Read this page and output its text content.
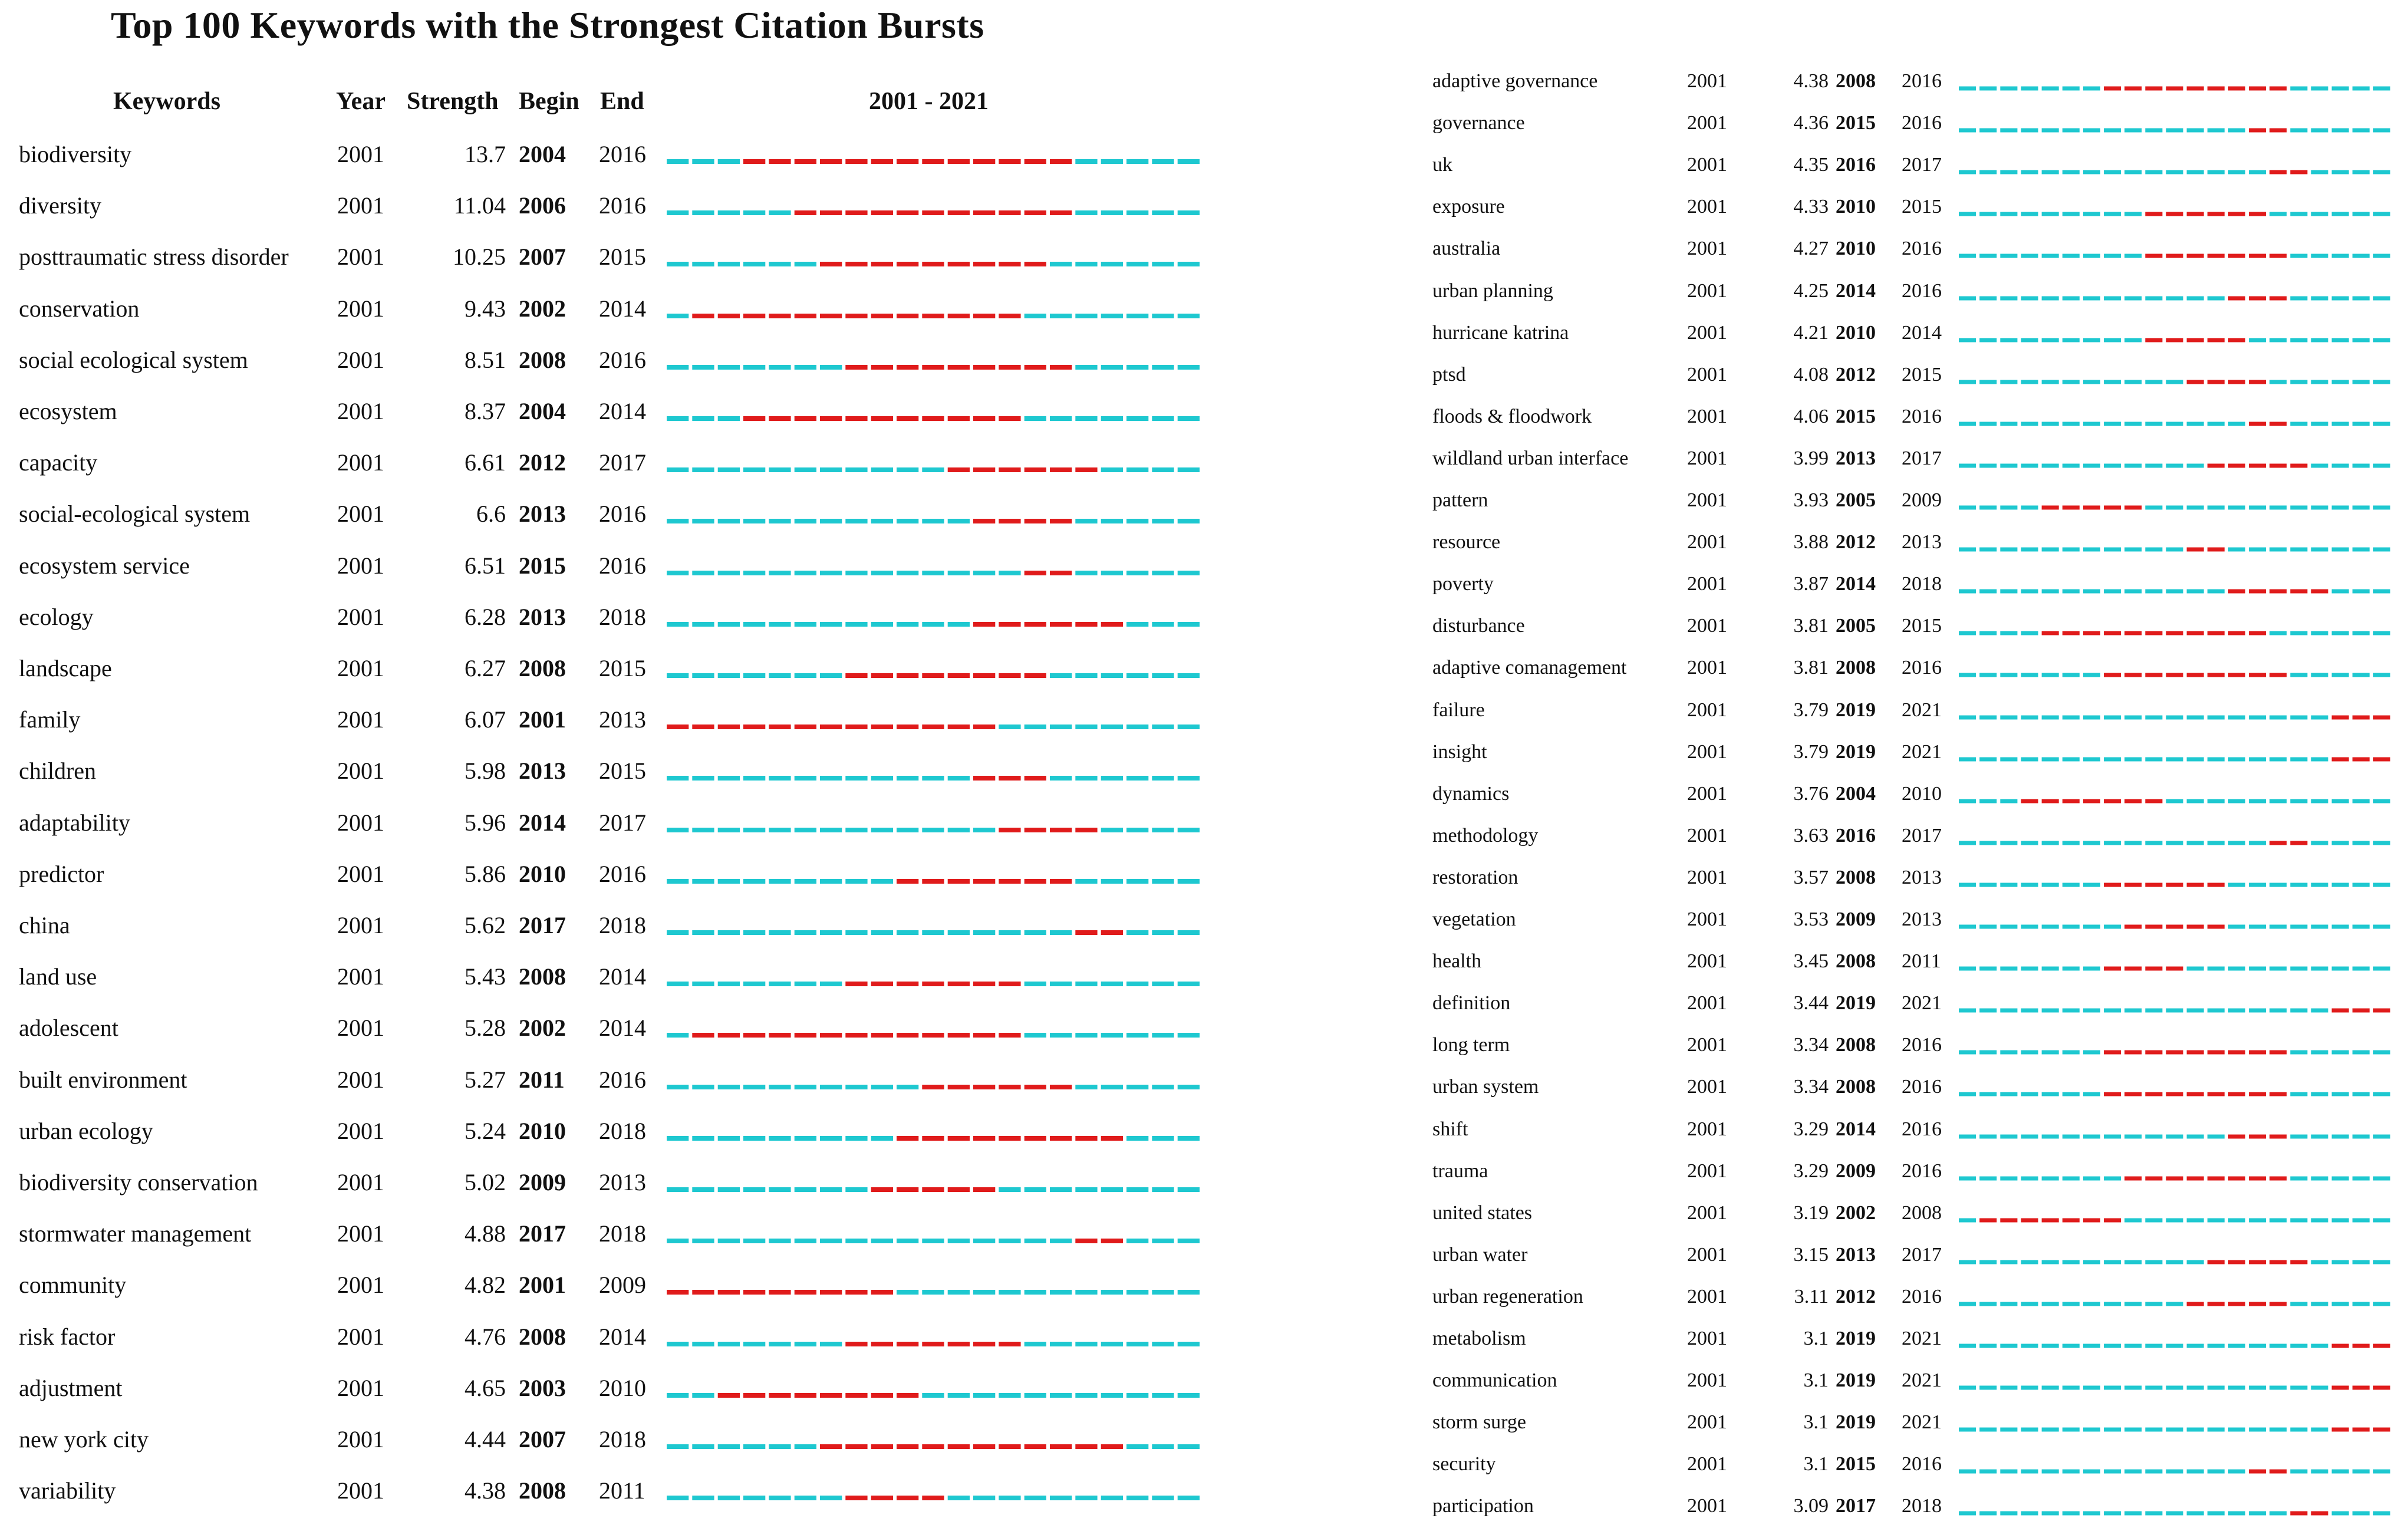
Top 100 Keywords with the Strongest Citation Bursts
Keywords	Year Strength Begin End	2001 - 2021
biodiversity	2001	13.7 2004 2016
diversity	2001	11.04 2006 2016
posttraumatic stress disorder 2001	10.25 2007 2015
conservation	2001	9.43 2002 2014
social ecological system	2001	8.51 2008 2016
ecosystem	2001	8.37 2004 2014
capacity	2001	6.61 2012 2017
social-ecological system	2001	6.6 2013 2016
ecosystem service	2001	6.51 2015 2016
ecology	2001	6.28 2013 2018
landscape	2001	6.27 2008 2015
family	2001	6.07 2001 2013
children	2001	5.98 2013 2015
adaptability	2001	5.96 2014 2017
predictor	2001	5.86 2010 2016
china	2001	5.62 2017 2018
land use	2001	5.43 2008 2014
adolescent	2001	5.28 2002 2014
built environment	2001	5.27 2011 2016
urban ecology	2001	5.24 2010 2018
biodiversity conservation	2001	5.02 2009 2013
stormwater management	2001	4.88 2017 2018
community	2001	4.82 2001 2009
risk factor	2001	4.76 2008 2014
adjustment	2001	4.65 2003 2010
new york city	2001	4.44 2007 2018
variability	2001	4.38 2008 2011
adaptive governance	2001	4.38 2008 2016
governance	2001	4.36 2015 2016
uk	2001	4.35 2016 2017
exposure	2001	4.33 2010 2015
australia	2001	4.27 2010 2016
urban planning	2001	4.25 2014 2016
hurricane katrina	2001	4.21 2010 2014
ptsd	2001	4.08 2012 2015
floods & floodwork	2001	4.06 2015 2016
wildland urban interface	2001	3.99 2013 2017
pattern	2001	3.93 2005 2009
resource	2001	3.88 2012 2013
poverty	2001	3.87 2014 2018
disturbance	2001	3.81 2005 2015
adaptive comanagement	2001	3.81 2008 2016
failure	2001	3.79 2019 2021
insight	2001	3.79 2019 2021
dynamics	2001	3.76 2004 2010
methodology	2001	3.63 2016 2017
restoration	2001	3.57 2008 2013
vegetation	2001	3.53 2009 2013
health	2001	3.45 2008 2011
definition	2001	3.44 2019 2021
long term	2001	3.34 2008 2016
urban system	2001	3.34 2008 2016
shift	2001	3.29 2014 2016
trauma	2001	3.29 2009 2016
united states	2001	3.19 2002 2008
urban water	2001	3.15 2013 2017
urban regeneration	2001	3.11 2012 2016
metabolism	2001	3.1 2019 2021
communication	2001	3.1 2019 2021
storm surge	2001	3.1 2019 2021
security	2001	3.1 2015 2016
participation	2001	3.09 2017 2018
